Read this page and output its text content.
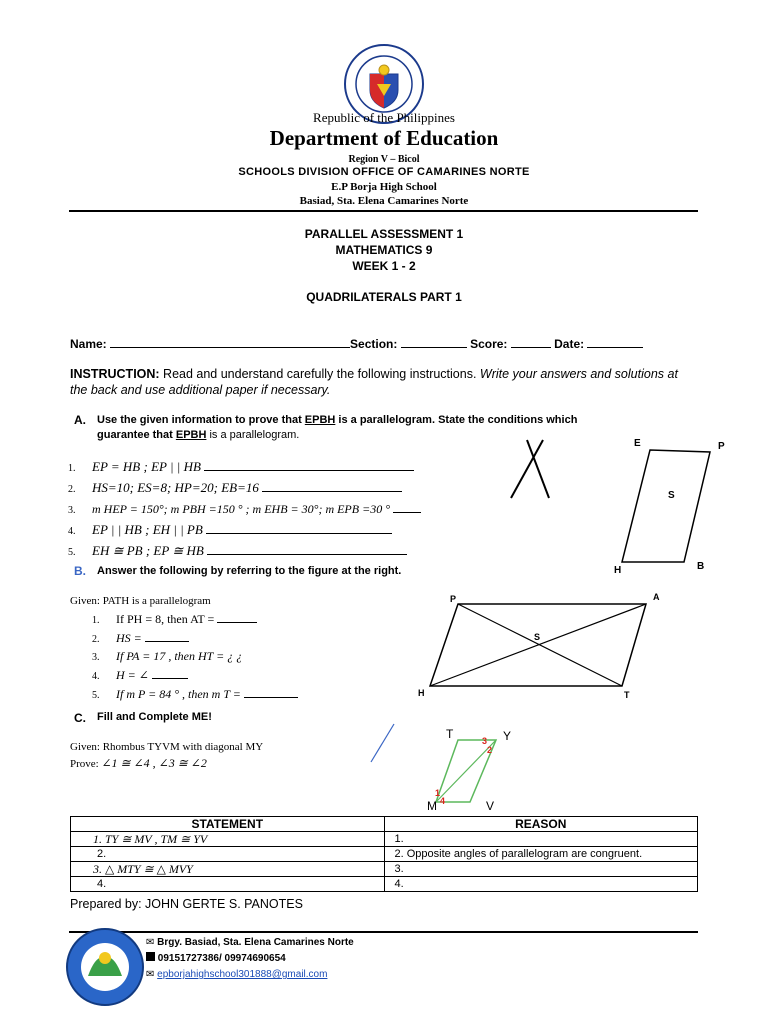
Republic of the Philippines
Department of Education
Region V – Bicol
SCHOOLS DIVISION OFFICE OF CAMARINES NORTE
E.P Borja High School
Basiad, Sta. Elena Camarines Norte
PARALLEL ASSESSMENT 1
MATHEMATICS 9
WEEK 1 - 2
QUADRILATERALS PART 1
Name:	Section:	Score:	Date:
INSTRUCTION: Read and understand carefully the following instructions. Write your answers and solutions at the back and use additional paper if necessary.
A. Use the given information to prove that EPBH is a parallelogram. State the conditions which
guarantee that EPBH is a parallelogram.
1. EP = HB ; EP | | HB
2. HS=10; ES=8; HP=20; EB=16
3. m HEP = 150°; m PBH =150 ° ; m EHB = 30°; m EPB =30 °
4. EP | | HB ; EH | | PB
5. EH ≅ PB ; EP ≅ HB
E	P
S
H	B
B. Answer the following by referring to the figure at the right.
Given: PATH is a parallelogram
1. If PH = 8, then AT =
2. HS =
3. If PA = 17 , then HT = ¿ ¿
4. H = ∠
5. If m P = 84 ° , then m T =
P	A
S
H	T
C. Fill and Complete ME!
Given: Rhombus TYVM with diagonal MY
Prove: ∠1 ≅ ∠4 , ∠3 ≅ ∠2
T	Y
M	V
3
2
1
4
STATEMENT	REASON
1. TY ≅ MV , TM ≅ YV	1.
2.	2. Opposite angles of parallelogram are congruent.
3. △ MTY ≅ △ MVY	3.
4.	4.
Prepared by: JOHN GERTE S. PANOTES
✉ Brgy. Basiad, Sta. Elena Camarines Norte
09151727386/ 09974690654
✉ epborjahighschool301888@gmail.com
